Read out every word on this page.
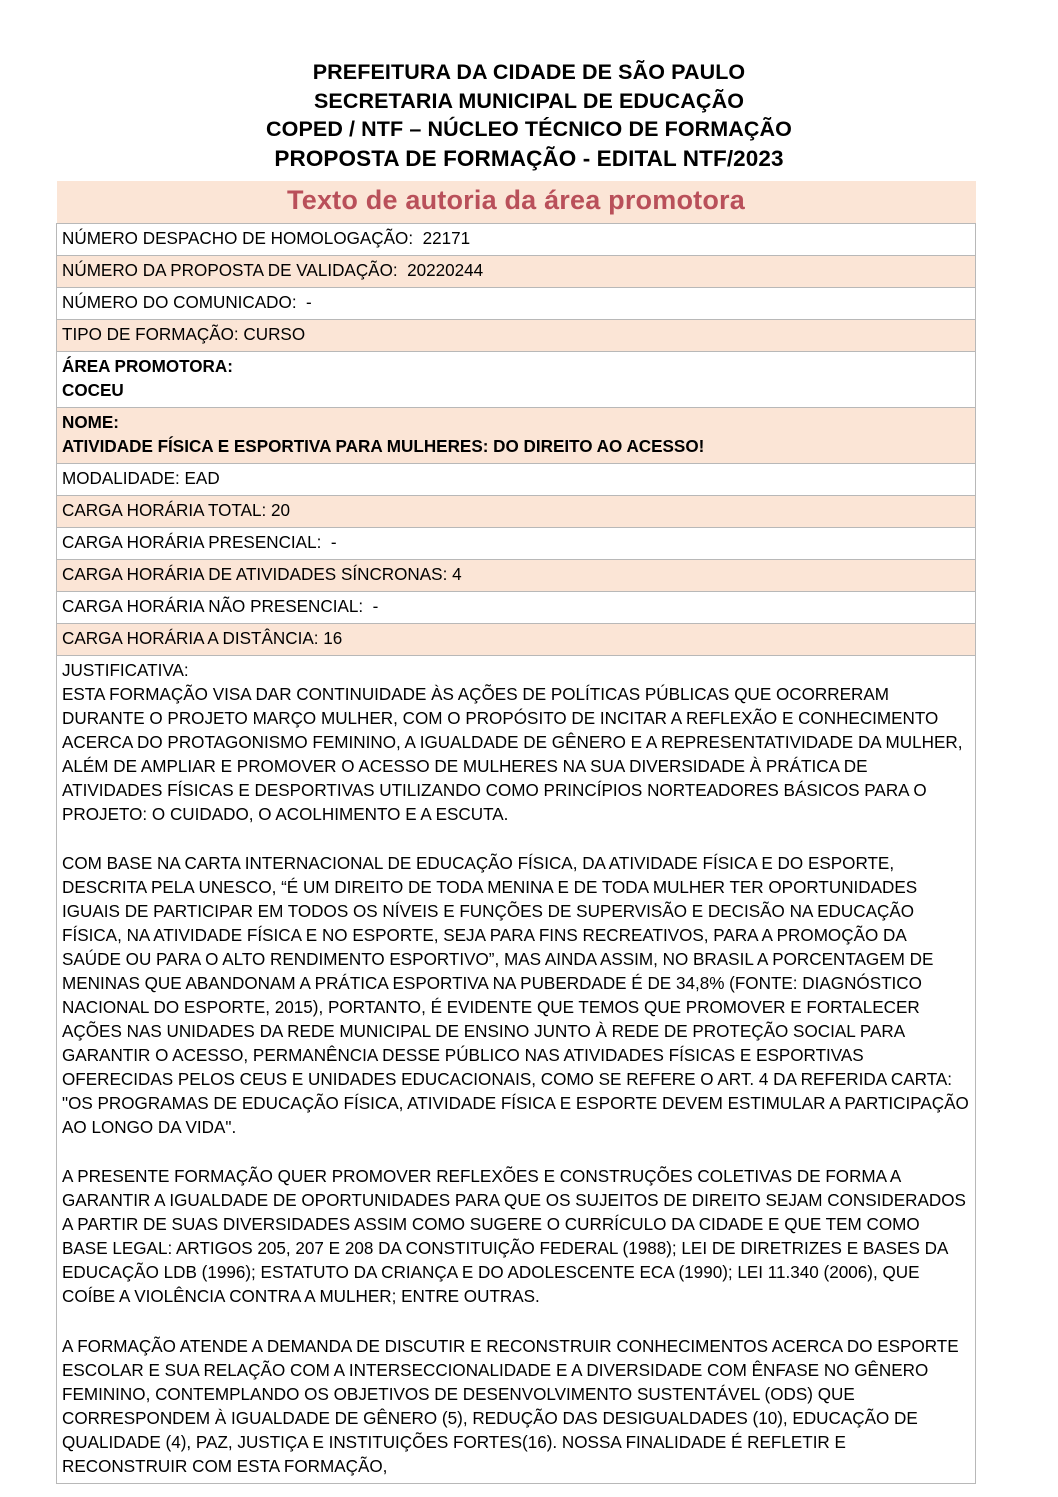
PREFEITURA DA CIDADE DE SÃO PAULO
SECRETARIA MUNICIPAL DE EDUCAÇÃO
COPED / NTF – NÚCLEO TÉCNICO DE FORMAÇÃO
PROPOSTA DE FORMAÇÃO - EDITAL NTF/2023
Texto de autoria da área promotora

NÚMERO DESPACHO DE HOMOLOGAÇÃO:  22171

NÚMERO DA PROPOSTA DE VALIDAÇÃO:  20220244

NÚMERO DO COMUNICADO:  -

TIPO DE FORMAÇÃO: CURSO

ÁREA PROMOTORA:
COCEU

NOME:
ATIVIDADE FÍSICA E ESPORTIVA PARA MULHERES: DO DIREITO AO ACESSO!

MODALIDADE: EAD

CARGA HORÁRIA TOTAL: 20

CARGA HORÁRIA PRESENCIAL:  -

CARGA HORÁRIA DE ATIVIDADES SÍNCRONAS: 4

CARGA HORÁRIA NÃO PRESENCIAL:  -

CARGA HORÁRIA A DISTÂNCIA: 16

JUSTIFICATIVA:
ESTA FORMAÇÃO VISA DAR CONTINUIDADE ÀS AÇÕES DE POLÍTICAS PÚBLICAS QUE OCORRERAM DURANTE O PROJETO MARÇO MULHER, COM O PROPÓSITO DE INCITAR A REFLEXÃO E CONHECIMENTO ACERCA DO PROTAGONISMO FEMININO, A IGUALDADE DE GÊNERO E A REPRESENTATIVIDADE DA MULHER, ALÉM DE AMPLIAR E PROMOVER O ACESSO DE MULHERES NA SUA DIVERSIDADE À PRÁTICA DE ATIVIDADES FÍSICAS E DESPORTIVAS UTILIZANDO COMO PRINCÍPIOS NORTEADORES BÁSICOS PARA O PROJETO: O CUIDADO, O ACOLHIMENTO E A ESCUTA.
COM BASE NA CARTA INTERNACIONAL DE EDUCAÇÃO FÍSICA, DA ATIVIDADE FÍSICA E DO ESPORTE, DESCRITA PELA UNESCO, “É UM DIREITO DE TODA MENINA E DE TODA MULHER TER OPORTUNIDADES IGUAIS DE PARTICIPAR EM TODOS OS NÍVEIS E FUNÇÕES DE SUPERVISÃO E DECISÃO NA EDUCAÇÃO FÍSICA, NA ATIVIDADE FÍSICA E NO ESPORTE, SEJA PARA FINS RECREATIVOS, PARA A PROMOÇÃO DA SAÚDE OU PARA O ALTO RENDIMENTO ESPORTIVO”, MAS AINDA ASSIM, NO BRASIL A PORCENTAGEM DE MENINAS QUE ABANDONAM A PRÁTICA ESPORTIVA NA PUBERDADE É DE 34,8% (FONTE: DIAGNÓSTICO NACIONAL DO ESPORTE, 2015), PORTANTO, É EVIDENTE QUE TEMOS QUE PROMOVER E FORTALECER AÇÕES NAS UNIDADES DA REDE MUNICIPAL DE ENSINO JUNTO À REDE DE PROTEÇÃO SOCIAL PARA GARANTIR O ACESSO, PERMANÊNCIA DESSE PÚBLICO NAS ATIVIDADES FÍSICAS E ESPORTIVAS OFERECIDAS PELOS CEUS E UNIDADES EDUCACIONAIS, COMO SE REFERE O ART. 4 DA REFERIDA CARTA: "OS PROGRAMAS DE EDUCAÇÃO FÍSICA, ATIVIDADE FÍSICA E ESPORTE DEVEM ESTIMULAR A PARTICIPAÇÃO AO LONGO DA VIDA".
A PRESENTE FORMAÇÃO QUER PROMOVER REFLEXÕES E CONSTRUÇÕES COLETIVAS DE FORMA A GARANTIR A IGUALDADE DE OPORTUNIDADES PARA QUE OS SUJEITOS DE DIREITO SEJAM CONSIDERADOS A PARTIR DE SUAS DIVERSIDADES ASSIM COMO SUGERE O CURRÍCULO DA CIDADE E QUE TEM COMO BASE LEGAL: ARTIGOS 205, 207 E 208 DA CONSTITUIÇÃO FEDERAL (1988); LEI DE DIRETRIZES E BASES DA EDUCAÇÃO LDB (1996); ESTATUTO DA CRIANÇA E DO ADOLESCENTE ECA (1990); LEI 11.340 (2006), QUE COÍBE A VIOLÊNCIA CONTRA A MULHER; ENTRE OUTRAS.
A FORMAÇÃO ATENDE A DEMANDA DE DISCUTIR E RECONSTRUIR CONHECIMENTOS ACERCA DO ESPORTE ESCOLAR E SUA RELAÇÃO COM A INTERSECCIONALIDADE E A DIVERSIDADE COM ÊNFASE NO GÊNERO FEMININO, CONTEMPLANDO OS OBJETIVOS DE DESENVOLVIMENTO SUSTENTÁVEL (ODS) QUE CORRESPONDEM À IGUALDADE DE GÊNERO (5), REDUÇÃO DAS DESIGUALDADES (10), EDUCAÇÃO DE QUALIDADE (4), PAZ, JUSTIÇA E INSTITUIÇÕES FORTES(16). NOSSA FINALIDADE É REFLETIR E RECONSTRUIR COM ESTA FORMAÇÃO,
